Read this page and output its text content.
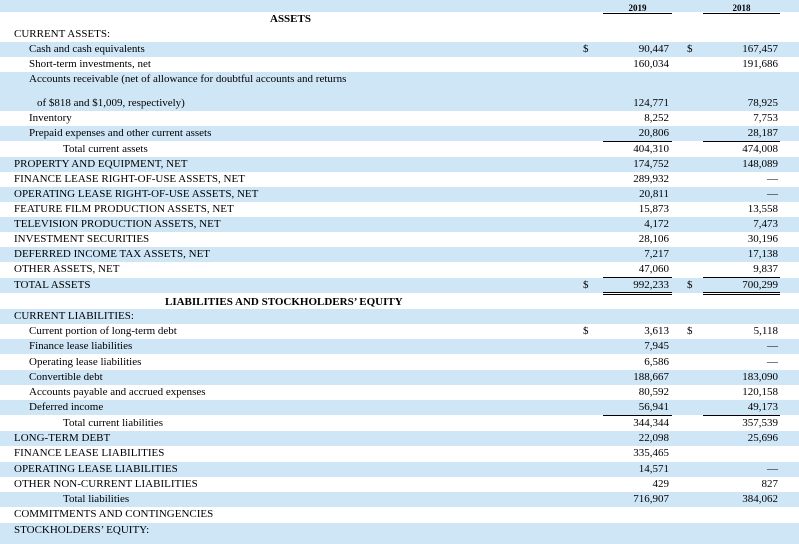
2019	2018
ASSETS
CURRENT ASSETS:
Cash and cash equivalents	$	90,447 $	167,457
Short-term investments, net	160,034	191,686
Accounts receivable (net of allowance for doubtful accounts and returns
of $818 and $1,009, respectively)	124,771	78,925
Inventory	8,252	7,753
Prepaid expenses and other current assets	20,806	28,187
Total current assets	404,310	474,008
PROPERTY AND EQUIPMENT, NET	174,752	148,089
FINANCE LEASE RIGHT-OF-USE ASSETS, NET	289,932	—
OPERATING LEASE RIGHT-OF-USE ASSETS, NET	20,811	—
FEATURE FILM PRODUCTION ASSETS, NET	15,873	13,558
TELEVISION PRODUCTION ASSETS, NET	4,172	7,473
INVESTMENT SECURITIES	28,106	30,196
DEFERRED INCOME TAX ASSETS, NET	7,217	17,138
OTHER ASSETS, NET	47,060	9,837
TOTAL ASSETS	$	992,233 $	700,299
LIABILITIES AND STOCKHOLDERS’ EQUITY
CURRENT LIABILITIES:
Current portion of long-term debt	$	3,613 $	5,118
Finance lease liabilities	7,945	—
Operating lease liabilities	6,586	—
Convertible debt	188,667	183,090
Accounts payable and accrued expenses	80,592	120,158
Deferred income	56,941	49,173
Total current liabilities	344,344	357,539
LONG-TERM DEBT	22,098	25,696
FINANCE LEASE LIABILITIES	335,465
OPERATING LEASE LIABILITIES	14,571	—
OTHER NON-CURRENT LIABILITIES	429	827
Total liabilities	716,907	384,062
COMMITMENTS AND CONTINGENCIES
STOCKHOLDERS’ EQUITY:
